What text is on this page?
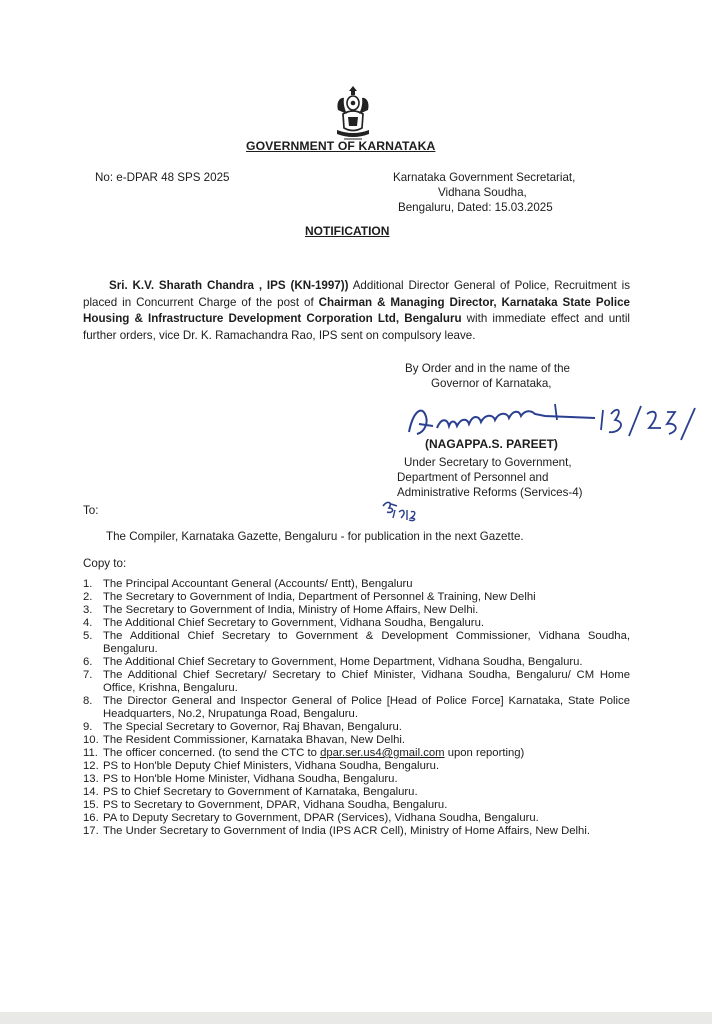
GOVERNMENT OF KARNATAKA
No: e-DPAR 48 SPS 2025	Karnataka Government Secretariat,
Vidhana Soudha,
Bengaluru, Dated: 15.03.2025
NOTIFICATION
Sri. K.V. Sharath Chandra , IPS (KN-1997)) Additional Director General of Police, Recruitment is placed in Concurrent Charge of the post of Chairman & Managing Director, Karnataka State Police Housing & Infrastructure Development Corporation Ltd, Bengaluru with immediate effect and until further orders, vice Dr. K. Ramachandra Rao, IPS sent on compulsory leave.
By Order and in the name of the
Governor of Karnataka,
(NAGAPPA.S. PAREET)
Under Secretary to Government,
Department of Personnel and
Administrative Reforms (Services-4)
To:
The Compiler, Karnataka Gazette, Bengaluru - for publication in the next Gazette.
Copy to:
1. The Principal Accountant General (Accounts/ Entt), Bengaluru
2. The Secretary to Government of India, Department of Personnel & Training, New Delhi
3. The Secretary to Government of India, Ministry of Home Affairs, New Delhi.
4. The Additional Chief Secretary to Government, Vidhana Soudha, Bengaluru.
5. The Additional Chief Secretary to Government & Development Commissioner, Vidhana Soudha, Bengaluru.
6. The Additional Chief Secretary to Government, Home Department, Vidhana Soudha, Bengaluru.
7. The Additional Chief Secretary/ Secretary to Chief Minister, Vidhana Soudha, Bengaluru/ CM Home Office, Krishna, Bengaluru.
8. The Director General and Inspector General of Police [Head of Police Force] Karnataka, State Police Headquarters, No.2, Nrupatunga Road, Bengaluru.
9. The Special Secretary to Governor, Raj Bhavan, Bengaluru.
10. The Resident Commissioner, Karnataka Bhavan, New Delhi.
11. The officer concerned. (to send the CTC to dpar.ser.us4@gmail.com upon reporting)
12. PS to Hon'ble Deputy Chief Ministers, Vidhana Soudha, Bengaluru.
13. PS to Hon'ble Home Minister, Vidhana Soudha, Bengaluru.
14. PS to Chief Secretary to Government of Karnataka, Bengaluru.
15. PS to Secretary to Government, DPAR, Vidhana Soudha, Bengaluru.
16. PA to Deputy Secretary to Government, DPAR (Services), Vidhana Soudha, Bengaluru.
17. The Under Secretary to Government of India (IPS ACR Cell), Ministry of Home Affairs, New Delhi.
